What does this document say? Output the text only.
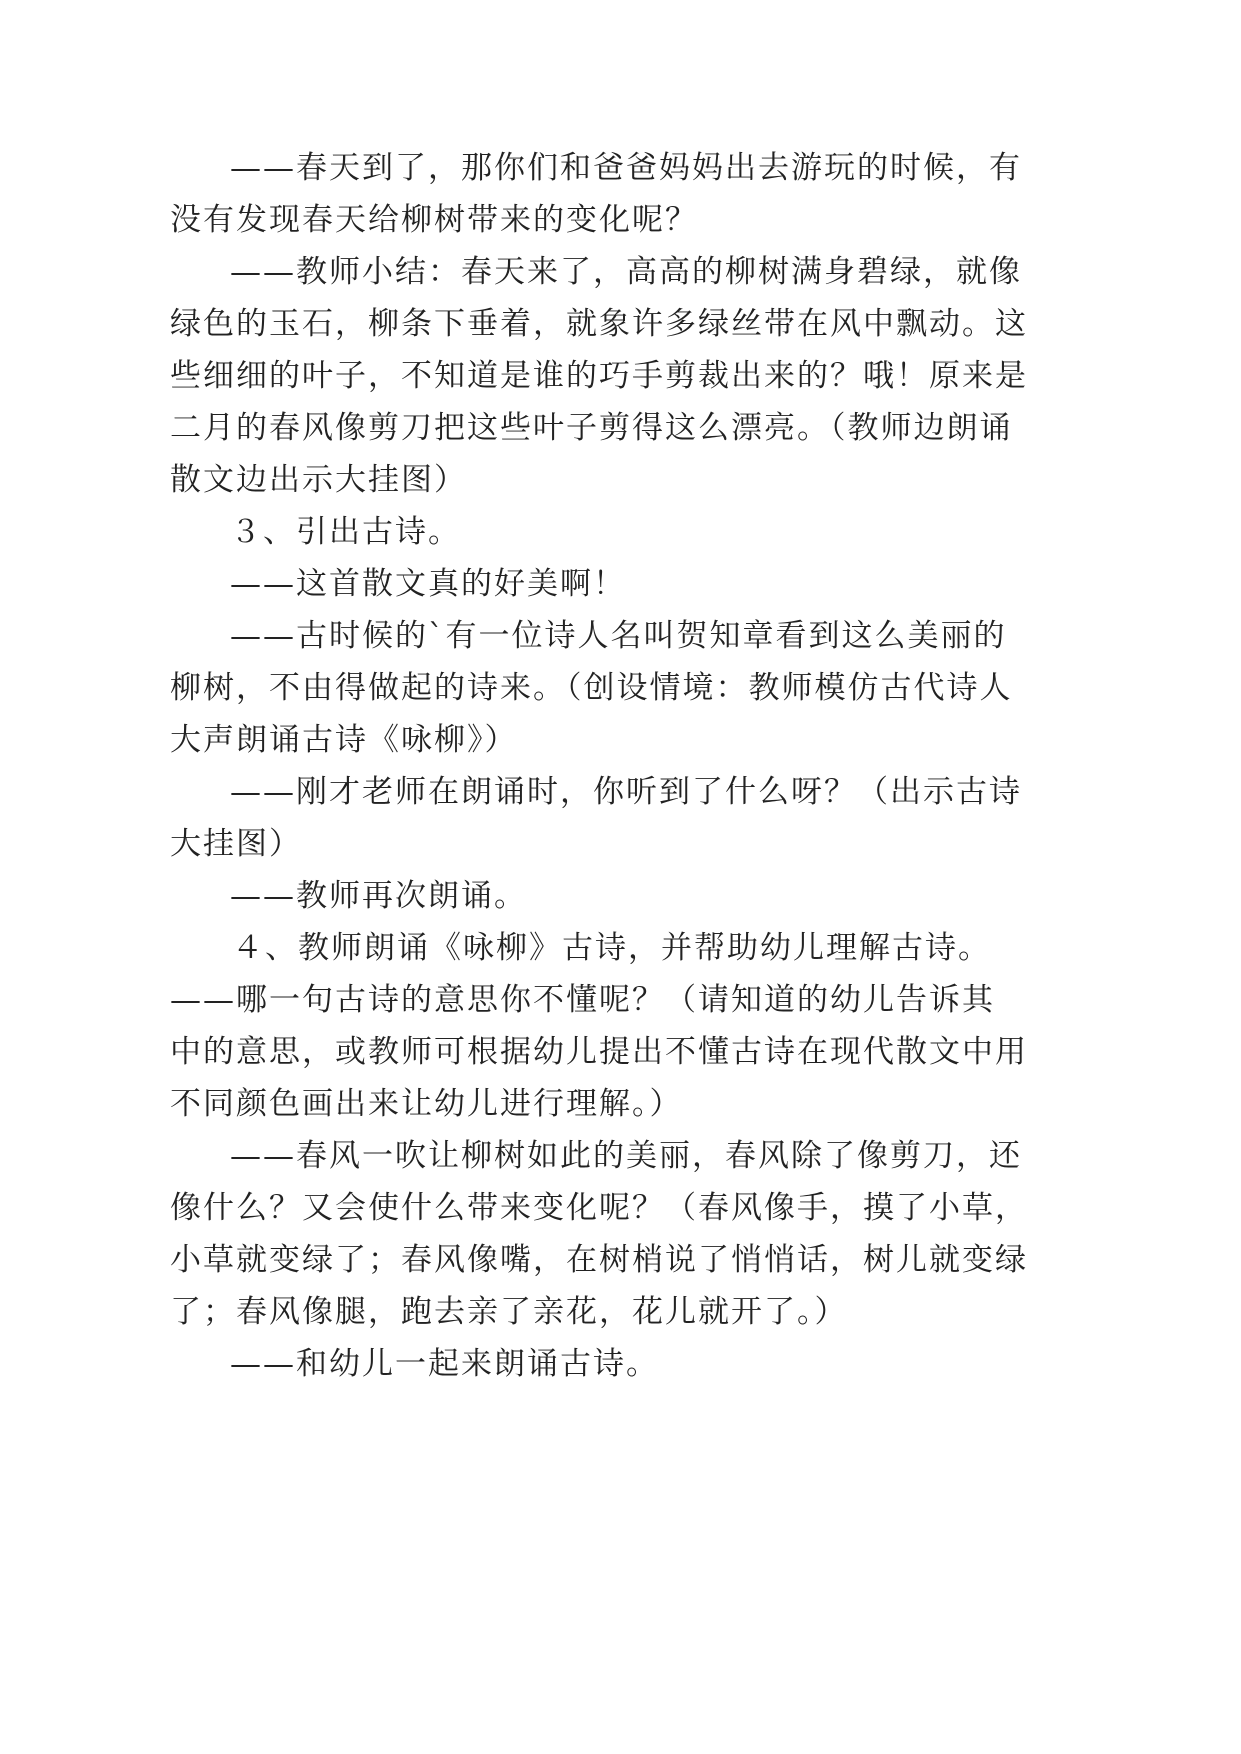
——春天到了，那你们和爸爸妈妈出去游玩的时候，有
没有发现春天给柳树带来的变化呢？
——教师小结：春天来了，高高的柳树满身碧绿，就像
绿色的玉石，柳条下垂着，就象许多绿丝带在风中飘动。这
些细细的叶子，不知道是谁的巧手剪裁出来的？哦！原来是
二月的春风像剪刀把这些叶子剪得这么漂亮。（教师边朗诵
散文边出示大挂图）
３、引出古诗。
——这首散文真的好美啊！
——古时候的`有一位诗人名叫贺知章看到这么美丽的
柳树，不由得做起的诗来。（创设情境：教师模仿古代诗人
大声朗诵古诗《咏柳》）
——刚才老师在朗诵时，你听到了什么呀？（出示古诗
大挂图）
——教师再次朗诵。
４、教师朗诵《咏柳》古诗，并帮助幼儿理解古诗。
——哪一句古诗的意思你不懂呢？（请知道的幼儿告诉其
中的意思，或教师可根据幼儿提出不懂古诗在现代散文中用
不同颜色画出来让幼儿进行理解。）
——春风一吹让柳树如此的美丽，春风除了像剪刀，还
像什么？又会使什么带来变化呢？（春风像手，摸了小草，
小草就变绿了；春风像嘴，在树梢说了悄悄话，树儿就变绿
了；春风像腿，跑去亲了亲花，花儿就开了。）
——和幼儿一起来朗诵古诗。
